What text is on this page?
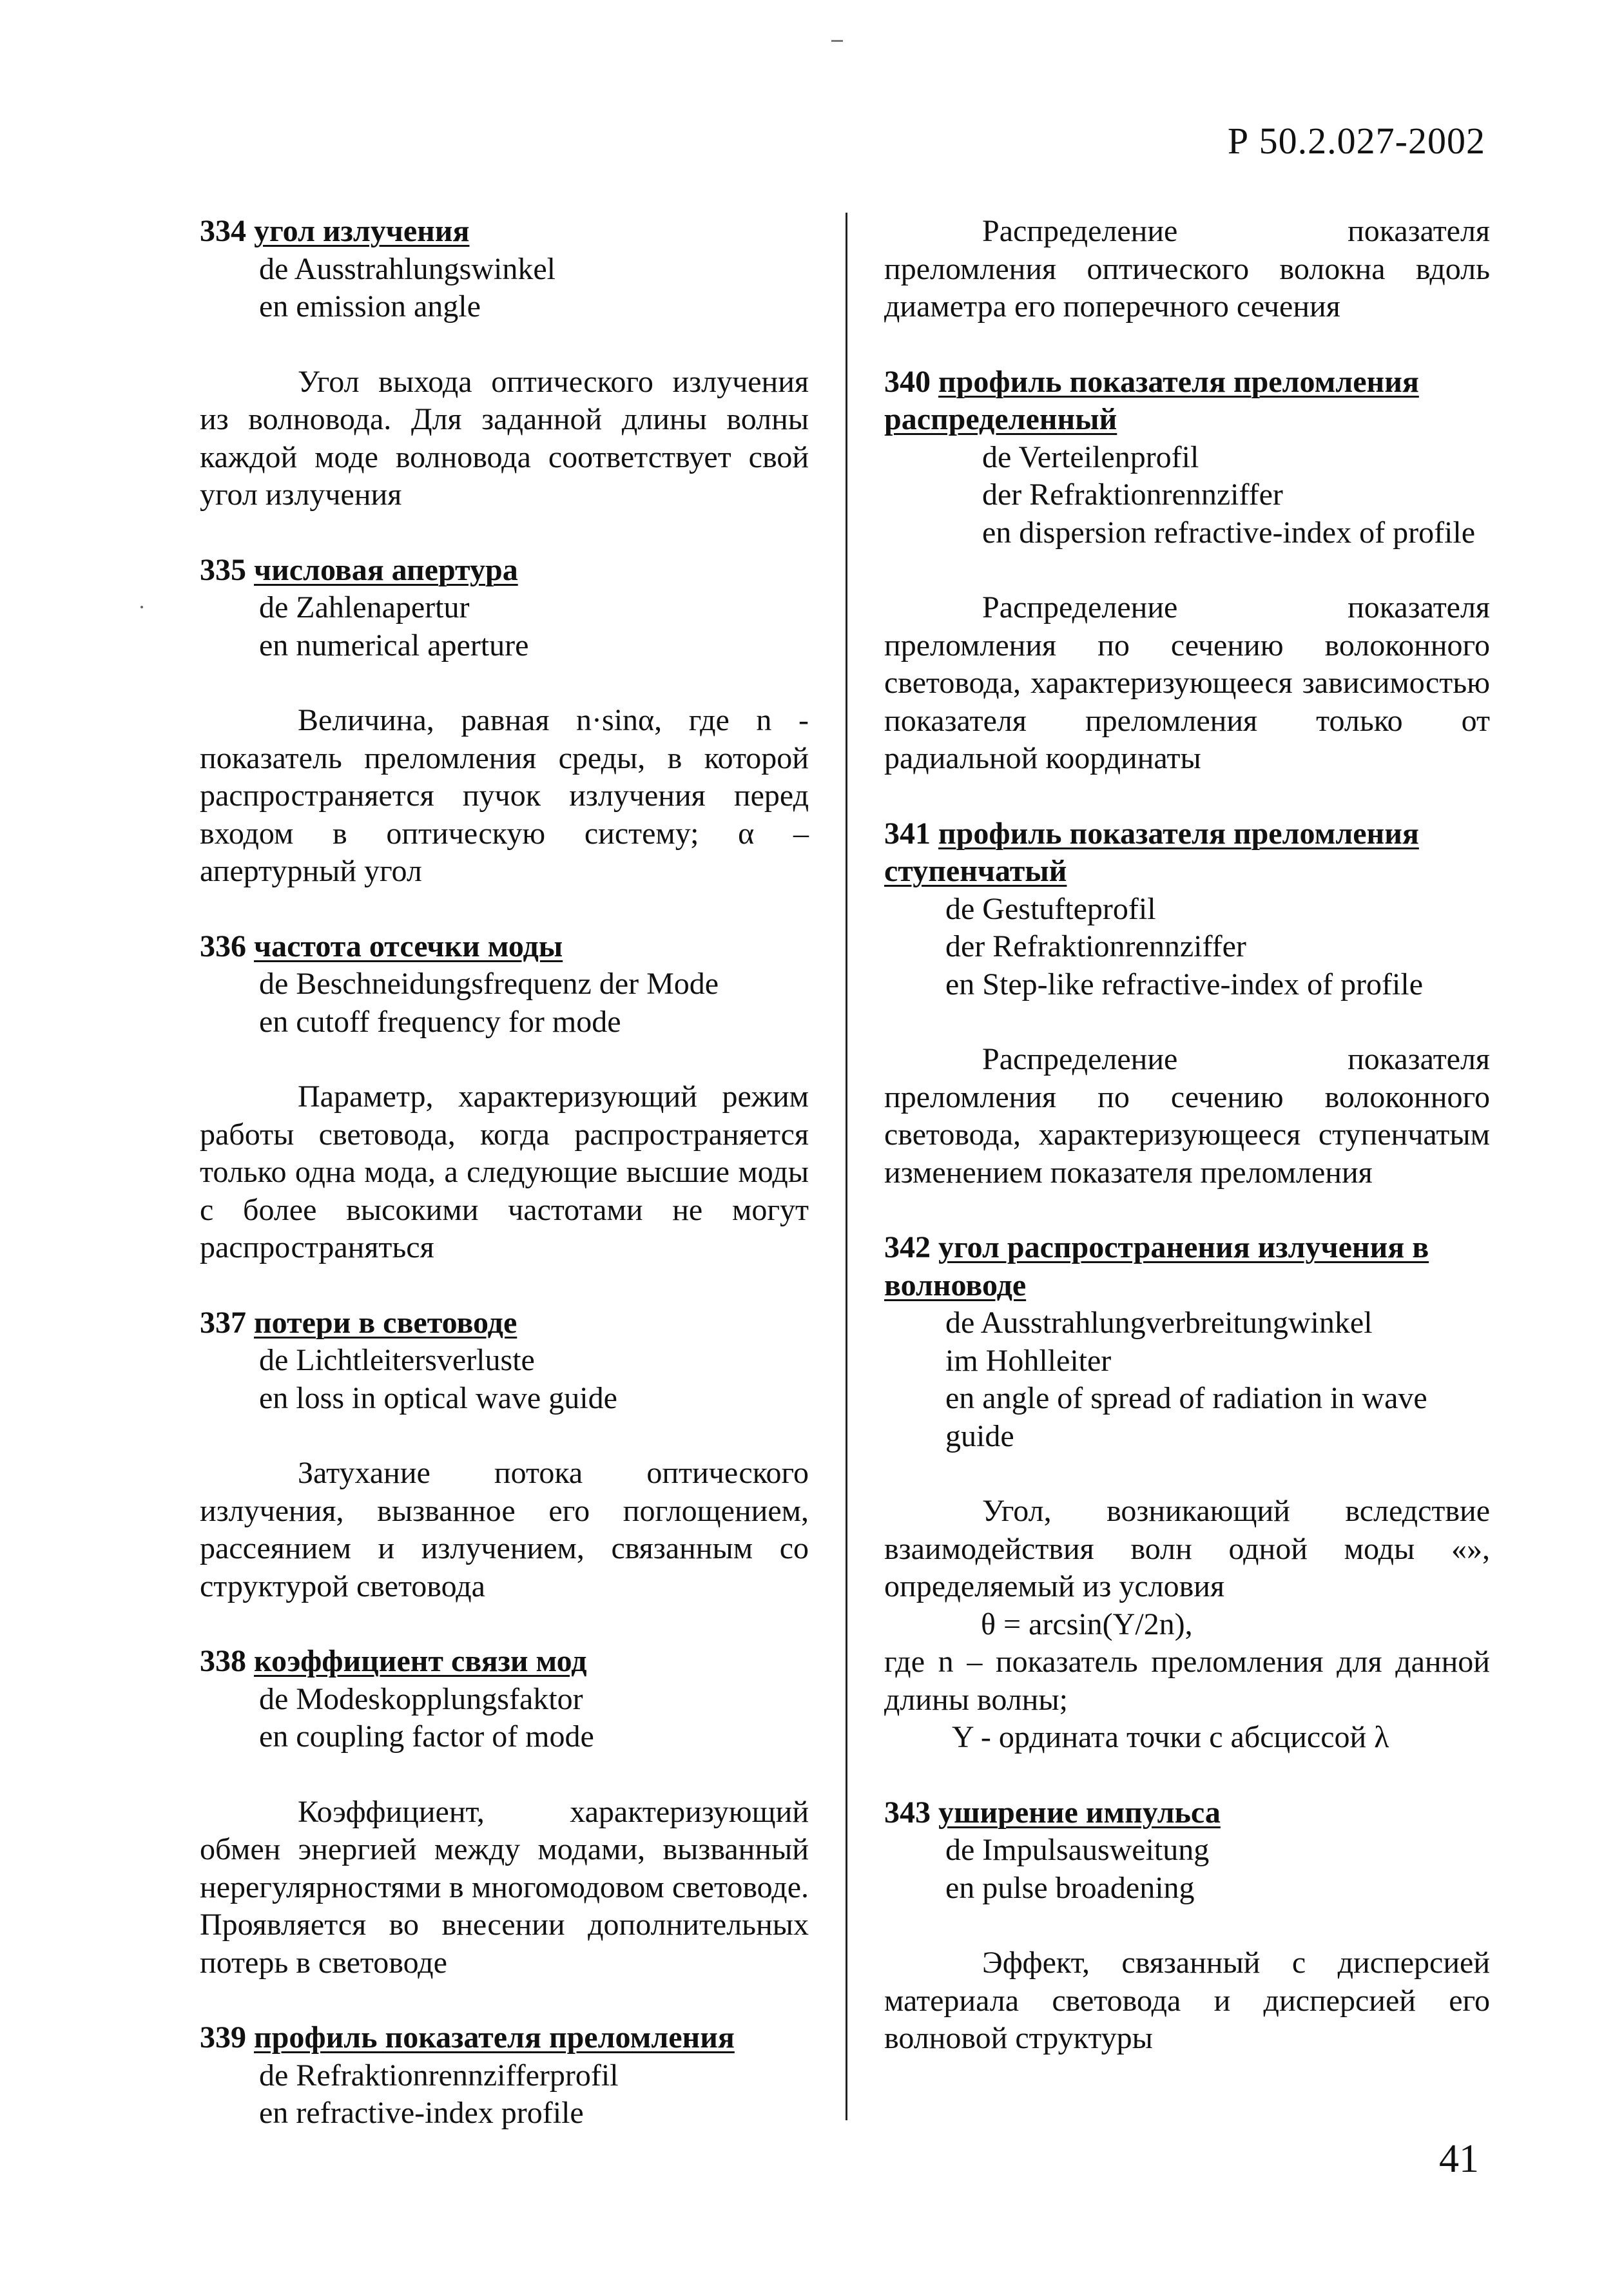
Р 50.2.027-2002
334 угол излучения
de Ausstrahlungswinkel
en emission angle
Угол выхода оптического излучения из волновода. Для заданной длины волны каждой моде волновода соответствует свой угол излучения
335 числовая апертура
de Zahlenapertur
en numerical aperture
Величина, равная n·sinα, где n - показатель преломления среды, в которой распространяется пучок излучения перед входом в оптическую систему; α – апертурный угол
336 частота отсечки моды
de Beschneidungsfrequenz der Mode
en cutoff frequency for mode
Параметр, характеризующий режим работы световода, когда распространяется только одна мода, а следующие высшие моды с более высокими частотами не могут распространяться
337 потери в световоде
de Lichtleitersverluste
en loss in optical wave guide
Затухание потока оптического излучения, вызванное его поглощением, рассеянием и излучением, связанным со структурой световода
338 коэффициент связи мод
de Modeskopplungsfaktor
en coupling factor of mode
Коэффициент, характеризующий обмен энергией между модами, вызванный нерегулярностями в многомодовом световоде. Проявляется во внесении дополнительных потерь в световоде
339 профиль показателя преломления
de Refraktionrennzifferprofil
en refractive-index profile
Распределение показателя преломления оптического волокна вдоль диаметра его поперечного сечения
340 профиль показателя преломления распределенный
de Verteilenprofil
der Refraktionrennziffer
en dispersion refractive-index of profile
Распределение показателя преломления по сечению волоконного световода, характеризующееся зависимостью показателя преломления только от радиальной координаты
341 профиль показателя преломления ступенчатый
de Gestufteprofil
der Refraktionrennziffer
en Step-like refractive-index of profile
Распределение показателя преломления по сечению волоконного световода, характеризующееся ступенчатым изменением показателя преломления
342 угол распространения излучения в волноводе
de Ausstrahlungverbreitungwinkel
im Hohlleiter
en angle of spread of radiation in wave
guide
Угол, возникающий вследствие взаимодействия волн одной моды «», определяемый из условия
θ = arcsin(Y/2n),
где n – показатель преломления для данной длины волны;
Y - ордината точки с абсциссой λ
343 уширение импульса
de Impulsausweitung
en pulse broadening
Эффект, связанный с дисперсией материала световода и дисперсией его волновой структуры
41
